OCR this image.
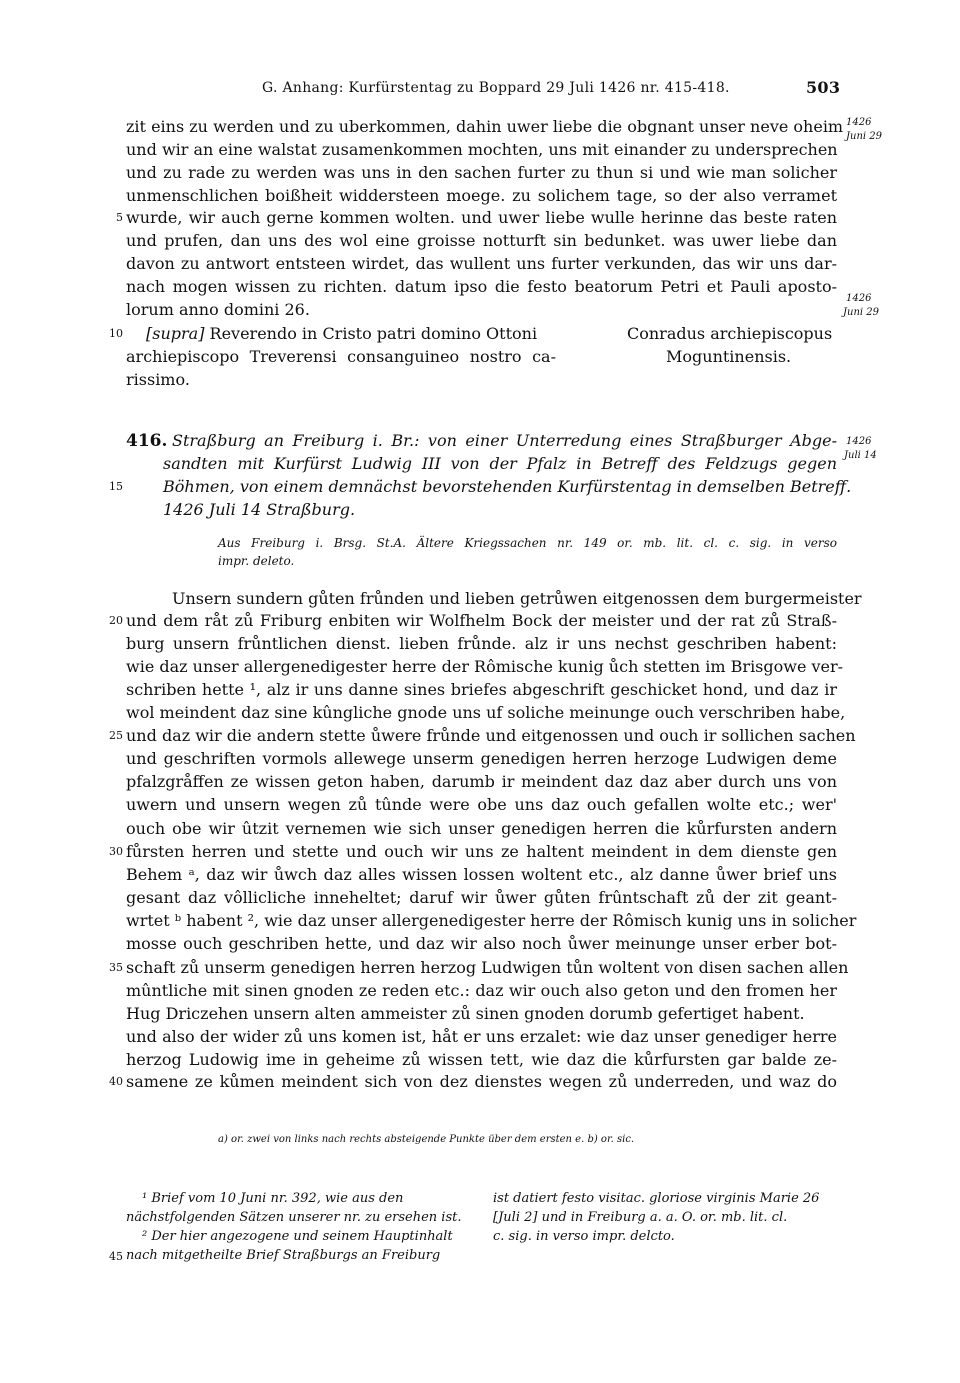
G. Anhang: Kurfürstentag zu Boppard 29 Juli 1426 nr. 415-418.	503
1426
Juni 29
1426
Juni 29
1426
Juli 14
5
10
15
20
25
30
35
40
45
zit eins zu werden und zu uberkommen, dahin uwer liebe die obgnant unser neve oheim
und wir an eine walstat zusamenkommen mochten, uns mit einander zu undersprechen
und zu rade zu werden was uns in den sachen furter zu thun si und wie man solicher
unmenschlichen boißheit widdersteen moege. zu solichem tage, so der also verramet
wurde, wir auch gerne kommen wolten. und uwer liebe wulle herinne das beste raten
und prufen, dan uns des wol eine groisse notturft sin bedunket. was uwer liebe dan
davon zu antwort entsteen wirdet, das wullent uns furter verkunden, das wir uns dar-
nach mogen wissen zu richten. datum ipso die festo beatorum Petri et Pauli aposto-
lorum anno domini 26.
[supra] Reverendo in Cristo patri domino Ottoni
archiepiscopo Treverensi consanguineo nostro ca-
rissimo.
Conradus archiepiscopus
Moguntinensis.
416. Straßburg an Freiburg i. Br.: von einer Unterredung eines Straßburger Abge-
sandten mit Kurfürst Ludwig III von der Pfalz in Betreff des Feldzugs gegen
Böhmen, von einem demnächst bevorstehenden Kurfürstentag in demselben Betreff.
1426 Juli 14 Straßburg.
Aus Freiburg i. Brsg. St.A. Ältere Kriegssachen nr. 149 or. mb. lit. cl. c. sig. in verso
impr. deleto.
Unsern sundern gůten frůnden und lieben getrůwen eitgenossen dem burgermeister
und dem råt zů Friburg enbiten wir Wolfhelm Bock der meister und der rat zů Straß-
burg unsern frůntlichen dienst. lieben frůnde. alz ir uns nechst geschriben habent:
wie daz unser allergenedigester herre der Rômische kunig ůch stetten im Brisgowe ver-
schriben hette ¹, alz ir uns danne sines briefes abgeschrift geschicket hond, und daz ir
wol meindent daz sine kûngliche gnode uns uf soliche meinunge ouch verschriben habe,
und daz wir die andern stette ůwere frůnde und eitgenossen und ouch ir sollichen sachen
und geschriften vormols allewege unserm genedigen herren herzoge Ludwigen deme
pfalzgråffen ze wissen geton haben, darumb ir meindent daz daz aber durch uns von
uwern und unsern wegen zů tûnde were obe uns daz ouch gefallen wolte etc.; wer'
ouch obe wir ûtzit vernemen wie sich unser genedigen herren die kůrfursten andern
fůrsten herren und stette und ouch wir uns ze haltent meindent in dem dienste gen
Behem ᵃ, daz wir ůwch daz alles wissen lossen woltent etc., alz danne ůwer brief uns
gesant daz vôllicliche inneheltet; daruf wir ůwer gůten frûntschaft zů der zit geant-
wrtet ᵇ habent ², wie daz unser allergenedigester herre der Rômisch kunig uns in solicher
mosse ouch geschriben hette, und daz wir also noch ůwer meinunge unser erber bot-
schaft zů unserm genedigen herren herzog Ludwigen tůn woltent von disen sachen allen
mûntliche mit sinen gnoden ze reden etc.: daz wir ouch also geton und den fromen her
Hug Driczehen unsern alten ammeister zů sinen gnoden dorumb gefertiget habent.
und also der wider zů uns komen ist, håt er uns erzalet: wie daz unser genediger herre
herzog Ludowig ime in geheime zů wissen tett, wie daz die kůrfursten gar balde ze-
samene ze kůmen meindent sich von dez dienstes wegen zů underreden, und waz do
a) or. zwei von links nach rechts absteigende Punkte über dem ersten e. b) or. sic.
¹ Brief vom 10 Juni nr. 392, wie aus den
nächstfolgenden Sätzen unserer nr. zu ersehen ist.
² Der hier angezogene und seinem Hauptinhalt
nach mitgetheilte Brief Straßburgs an Freiburg
ist datiert festo visitac. gloriose virginis Marie 26
[Juli 2] und in Freiburg a. a. O. or. mb. lit. cl.
c. sig. in verso impr. delcto.
